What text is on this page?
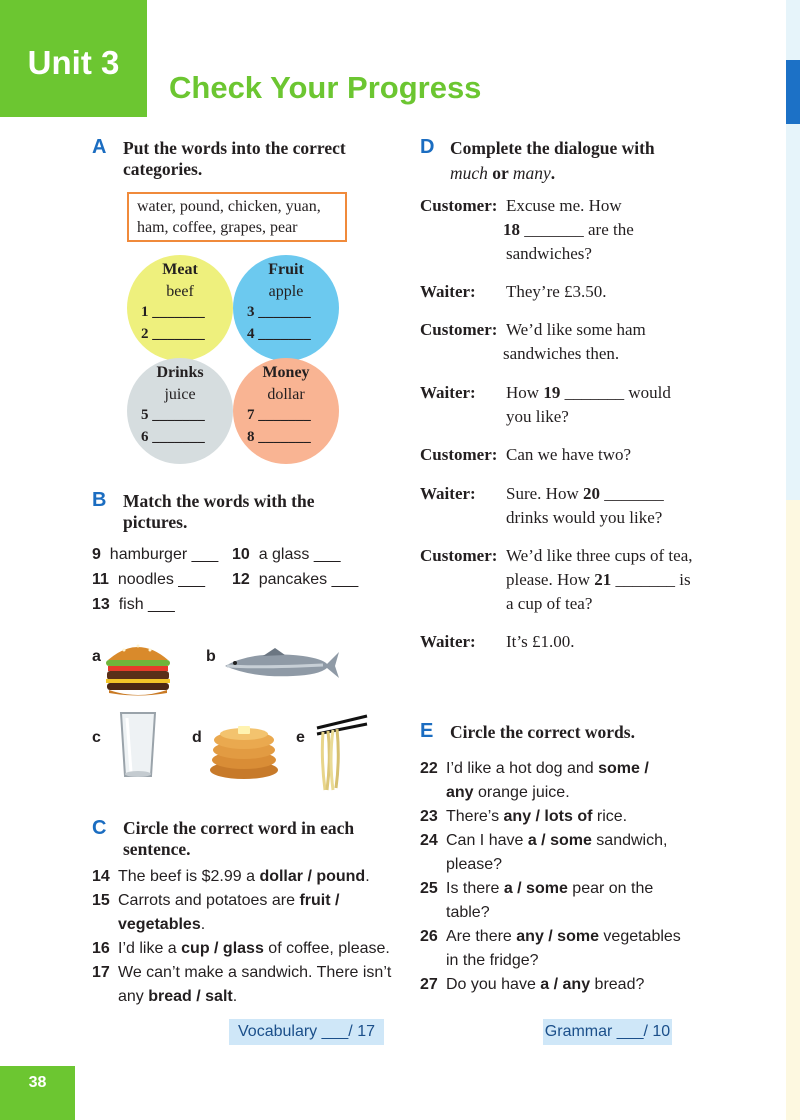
Unit 3
Check Your Progress
A Put the words into the correct
categories.
water, pound, chicken, yuan,
ham, coffee, grapes, pear
Meat
beef
1 _______
2 _______
Fruit
apple
3 _______
4 _______
Drinks
juice
5 _______
6 _______
Money
dollar
7 _______
8 _______
B Match the words with the
pictures.
9 hamburger ___ 10 a glass ___
11 noodles ___ 12 pancakes ___
13 fish ___
a	b
c	d	e
C Circle the correct word in each
sentence.
14 The beef is $2.99 a dollar / pound.
15 Carrots and potatoes are fruit /
vegetables.
16 I’d like a cup / glass of coffee, please.
17 We can’t make a sandwich. There isn’t
any bread / salt.
Vocabulary ___/ 17
D Complete the dialogue with
much or many.
Customer: Excuse me. How
18 _______ are the
sandwiches?
Waiter: They’re £3.50.
Customer: We’d like some ham
sandwiches then.
Waiter: How 19 _______ would
you like?
Customer: Can we have two?
Waiter: Sure. How 20 _______
drinks would you like?
Customer: We’d like three cups of tea,
please. How 21 _______ is
a cup of tea?
Waiter: It’s £1.00.
E Circle the correct words.
22 I’d like a hot dog and some /
any orange juice.
23 There’s any / lots of rice.
24 Can I have a / some sandwich,
please?
25 Is there a / some pear on the
table?
26 Are there any / some vegetables
in the fridge?
27 Do you have a / any bread?
Grammar ___/ 10
38
